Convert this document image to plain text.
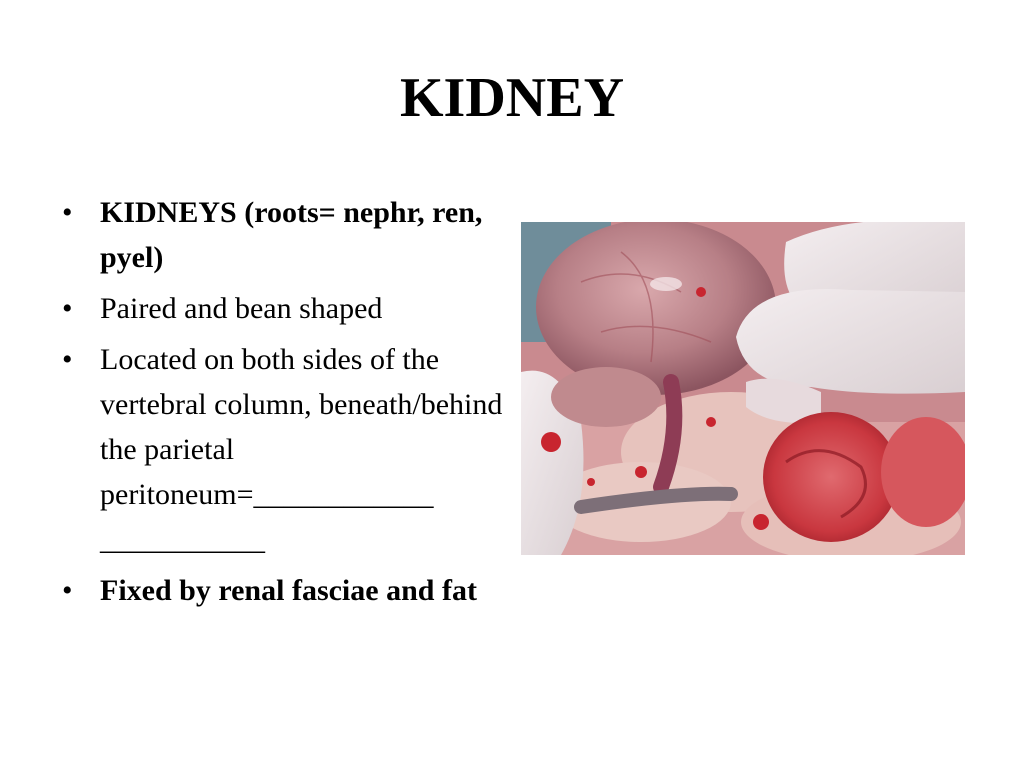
KIDNEY
• KIDNEYS (roots= nephr, ren, pyel)
• Paired and bean shaped
• Located on both sides of the vertebral column, beneath/behind the parietal peritoneum=____________
___________
• Fixed by renal fasciae and fat
